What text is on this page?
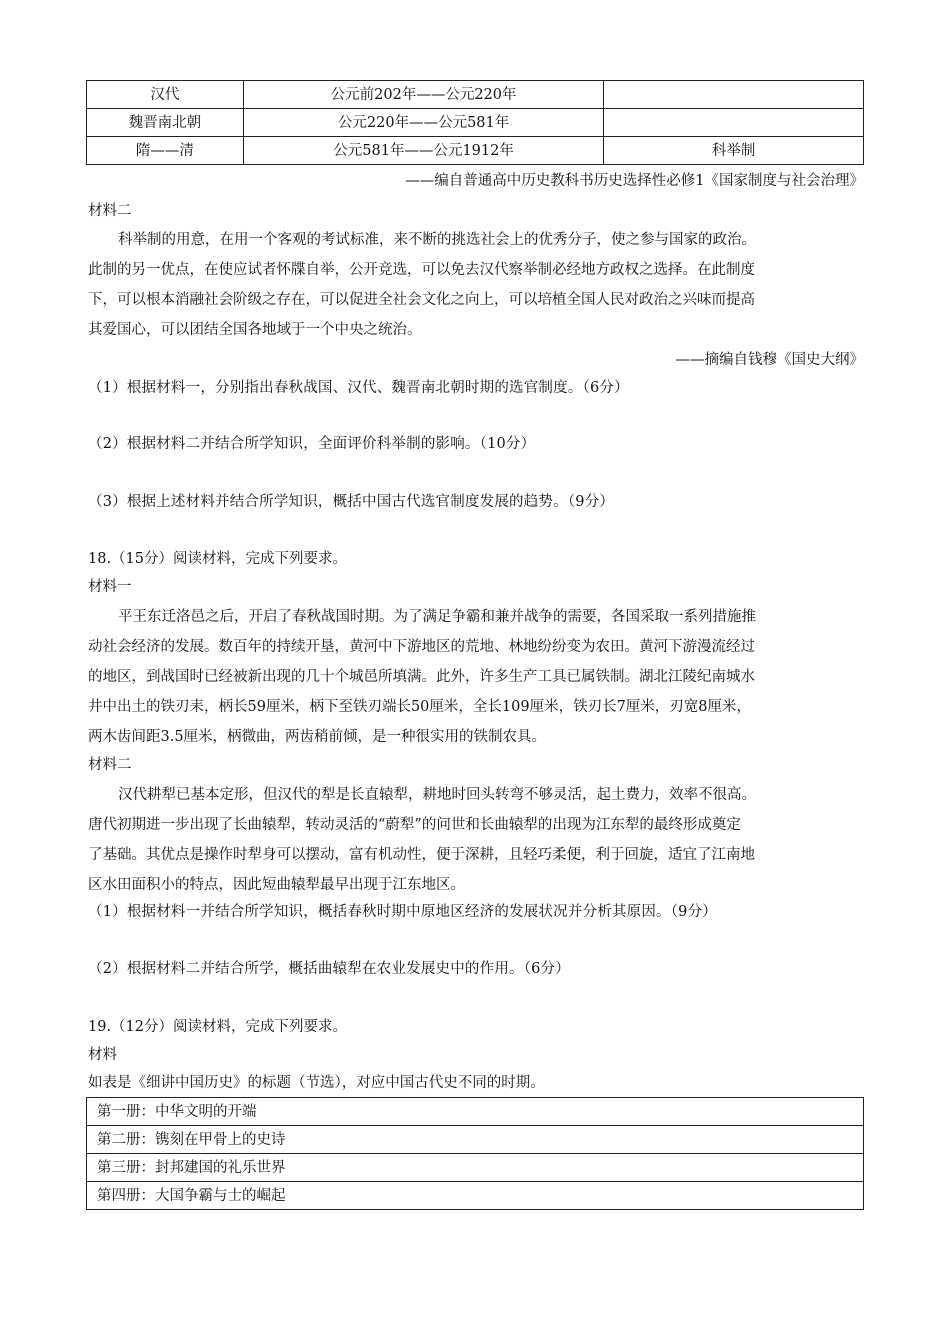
汉代	公元前202年——公元220年	
魏晋南北朝	公元220年——公元581年	
隋——清	公元581年——公元1912年	科举制
——编自普通高中历史教科书历史选择性必修1《国家制度与社会治理》
材料二
科举制的用意，在用一个客观的考试标准，来不断的挑选社会上的优秀分子，使之参与国家的政治。
此制的另一优点，在使应试者怀牒自举，公开竞选，可以免去汉代察举制必经地方政权之选择。在此制度
下，可以根本消融社会阶级之存在，可以促进全社会文化之向上，可以培植全国人民对政治之兴味而提高
其爱国心，可以团结全国各地域于一个中央之统治。
——摘编自钱穆《国史大纲》
（1）根据材料一，分别指出春秋战国、汉代、魏晋南北朝时期的选官制度。（6分）
（2）根据材料二并结合所学知识，全面评价科举制的影响。（10分）
（3）根据上述材料并结合所学知识，概括中国古代选官制度发展的趋势。（9分）
18.（15分）阅读材料，完成下列要求。
材料一
平王东迁洛邑之后，开启了春秋战国时期。为了满足争霸和兼并战争的需要，各国采取一系列措施推
动社会经济的发展。数百年的持续开垦，黄河中下游地区的荒地、林地纷纷变为农田。黄河下游漫流经过
的地区，到战国时已经被新出现的几十个城邑所填满。此外，许多生产工具已属铁制。湖北江陵纪南城水
井中出土的铁刃耒，柄长59厘米，柄下至铁刃端长50厘米，全长109厘米，铁刃长7厘米，刃宽8厘米，
两木齿间距3.5厘米，柄微曲，两齿稍前倾，是一种很实用的铁制农具。
材料二
汉代耕犁已基本定形，但汉代的犁是长直辕犁，耕地时回头转弯不够灵活，起土费力，效率不很高。
唐代初期进一步出现了长曲辕犁，转动灵活的“蔚犁”的问世和长曲辕犁的出现为江东犁的最终形成奠定
了基础。其优点是操作时犁身可以摆动，富有机动性，便于深耕，且轻巧柔便，利于回旋，适宜了江南地
区水田面积小的特点，因此短曲辕犁最早出现于江东地区。
（1）根据材料一并结合所学知识，概括春秋时期中原地区经济的发展状况并分析其原因。（9分）
（2）根据材料二并结合所学，概括曲辕犁在农业发展史中的作用。（6分）
19.（12分）阅读材料，完成下列要求。
材料
如表是《细讲中国历史》的标题（节选），对应中国古代史不同的时期。
第一册：中华文明的开端
第二册：镌刻在甲骨上的史诗
第三册：封邦建国的礼乐世界
第四册：大国争霸与士的崛起
